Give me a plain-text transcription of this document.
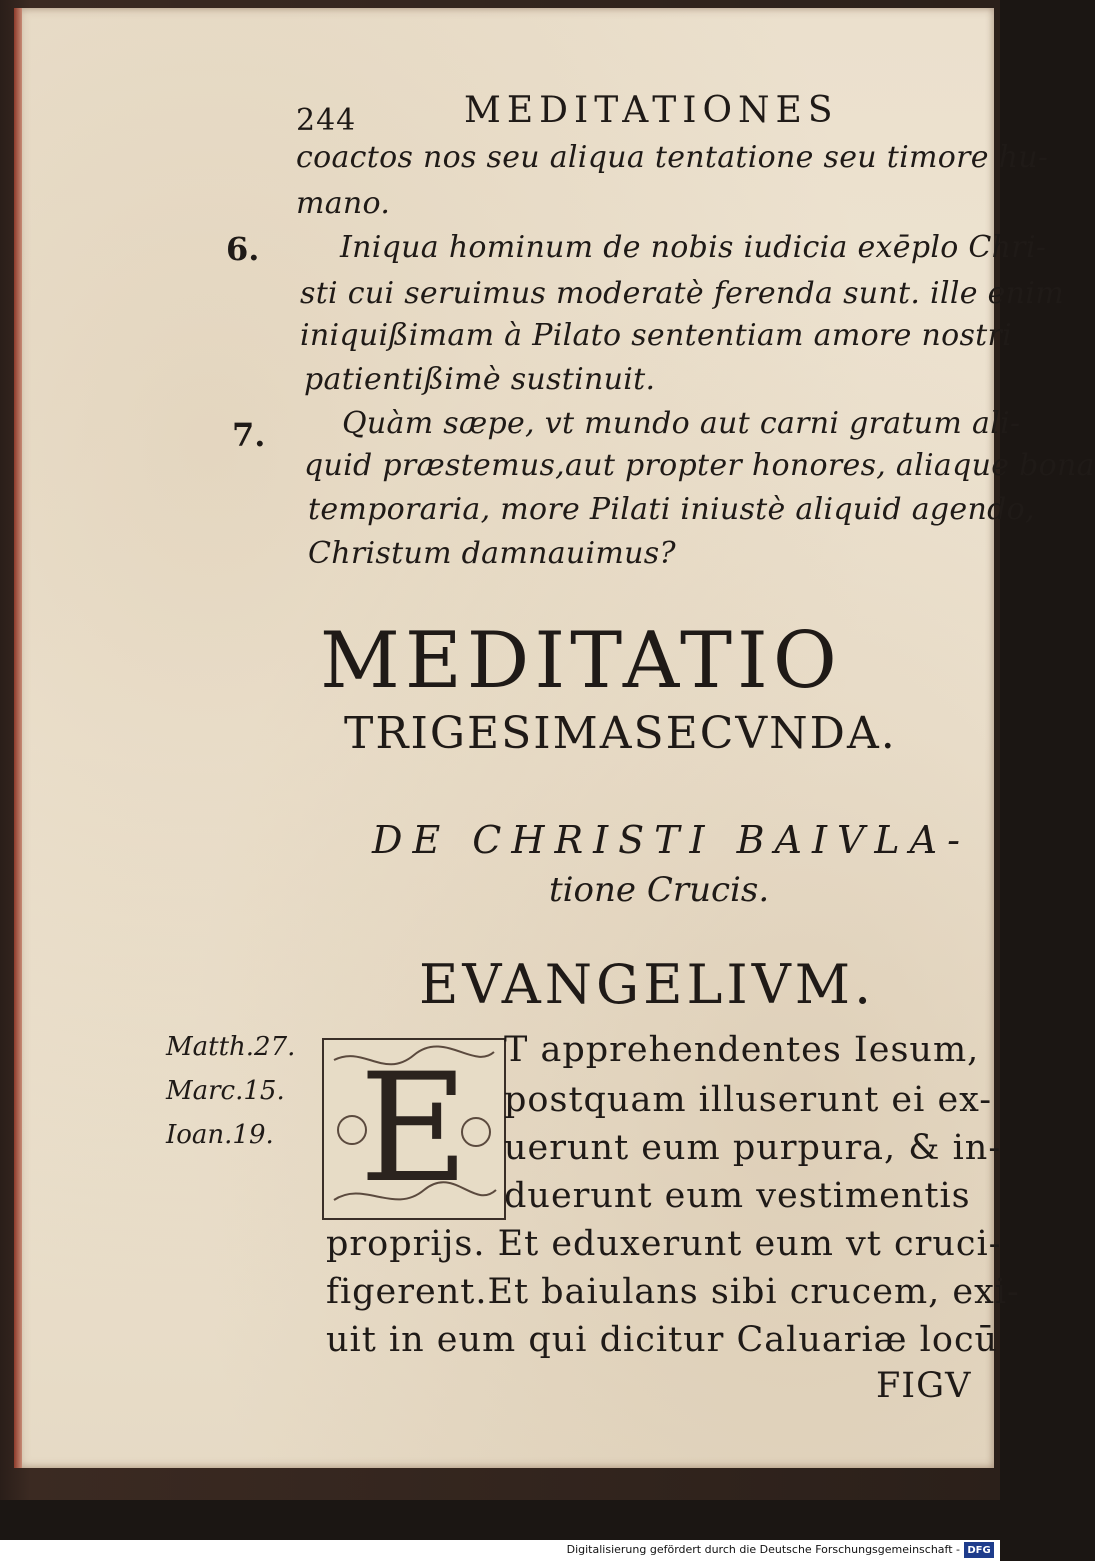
244	MEDITATIONES
coactos nos seu aliqua tentatione seu timore hu-
mano.
6.	Iniqua hominum de nobis iudicia exēplo Chri-
sti cui seruimus moderatè ferenda sunt. ille enim
iniquißimam à Pilato sententiam amore nostri
patientißimè sustinuit.
7.	Quàm sæpe, vt mundo aut carni gratum ali-
quid præstemus,aut propter honores, aliaque bona
temporaria, more Pilati iniustè aliquid agendo,
Christum damnauimus?
MEDITATIO
TRIGESIMASECVNDA.
DE CHRISTI BAIVLA-
tione Crucis.
EVANGELIVM.
Matth.27.
Marc.15.
Ioan.19. E	T apprehendentes Iesum,
postquam illuserunt ei ex-
uerunt eum purpura, & in-
duerunt eum vestimentis
proprijs. Et eduxerunt eum vt cruci-
figerent.Et baiulans sibi crucem, exi-
uit in eum qui dicitur Caluariæ locū
FIGV
Digitalisierung gefördert durch die Deutsche Forschungsgemeinschaft - DFG
